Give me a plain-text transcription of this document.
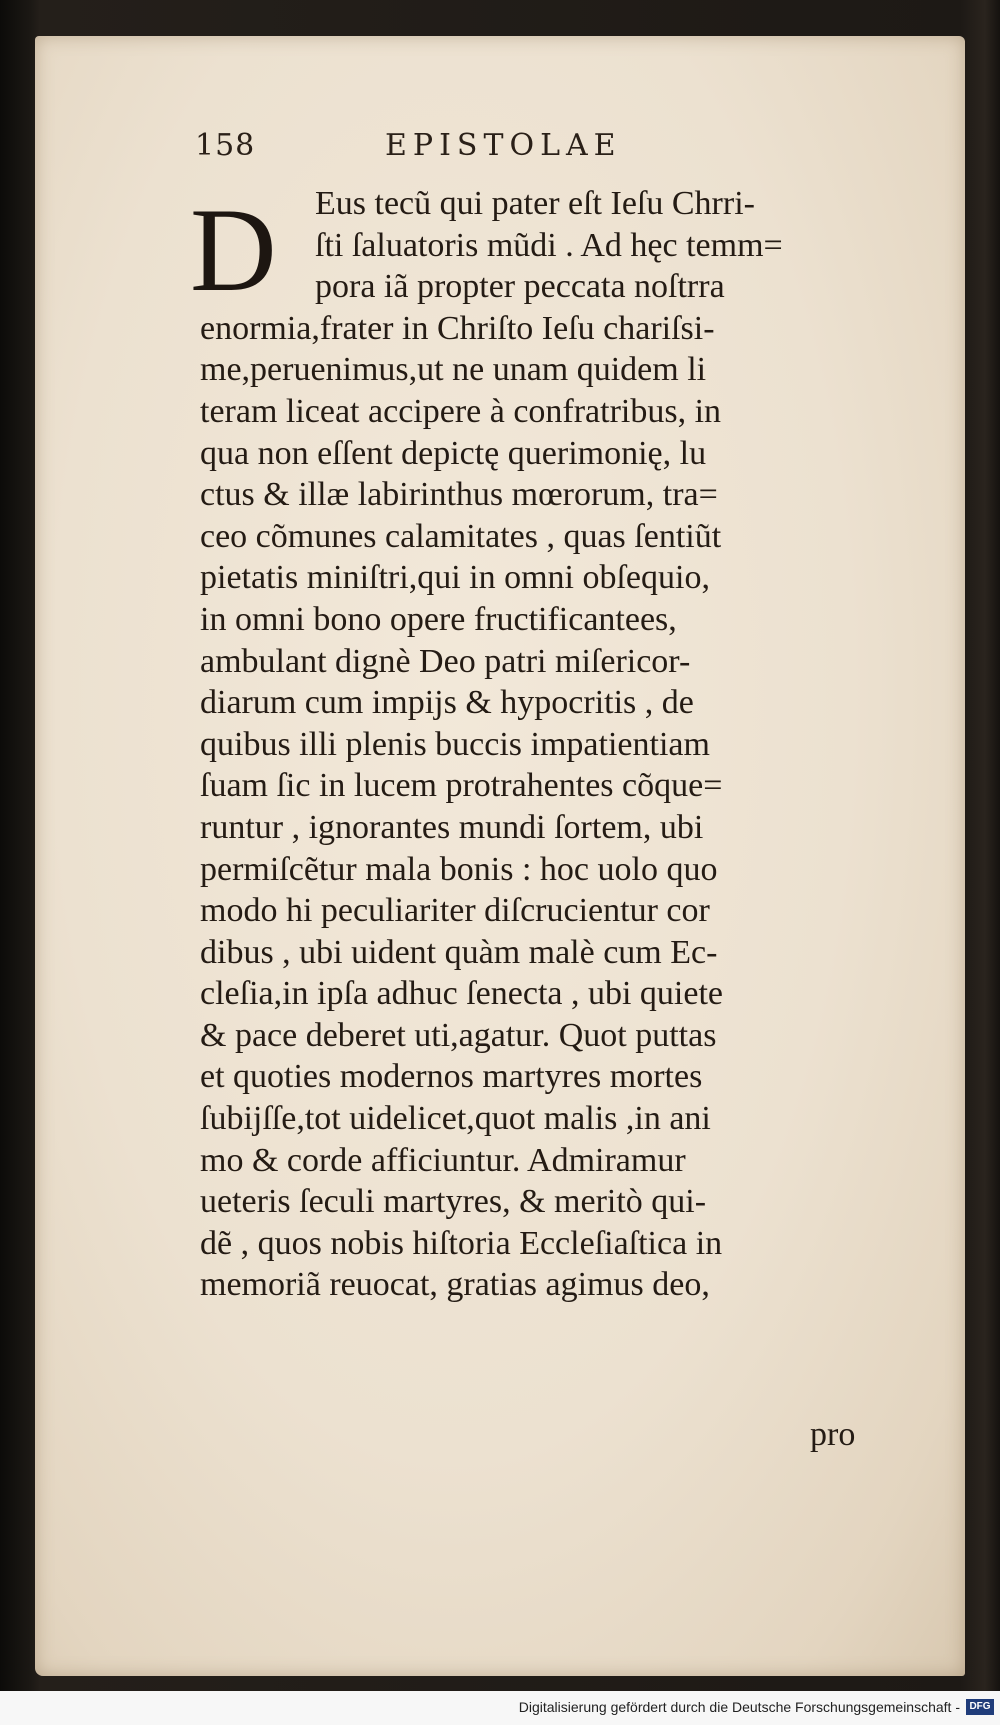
158	EPISTOLAE
D	Eus tecũ qui pater eſt Ieſu Chrri-
ſti ſaluatoris mũdi . Ad hęc temm=
pora iã propter peccata noſtrra
enormia,frater in Chriſto Ieſu chariſsi-
me,peruenimus,ut ne unam quidem li
teram liceat accipere à confratribus, in
qua non eſſent depictę querimonię, lu
ctus & illæ labirinthus mœrorum, tra=
ceo cõmunes calamitates , quas ſentiũt
pietatis miniſtri,qui in omni obſequio,
in omni bono opere fructificantees,
ambulant dignè Deo patri miſericor-
diarum cum impijs & hypocritis , de
quibus illi plenis buccis impatientiam
ſuam ſic in lucem protrahentes cõque=
runtur , ignorantes mundi ſortem, ubi
permiſcẽtur mala bonis : hoc uolo quo
modo hi peculiariter diſcrucientur cor
dibus , ubi uident quàm malè cum Ec-
cleſia,in ipſa adhuc ſenecta , ubi quiete
& pace deberet uti,agatur. Quot puttas
et quoties modernos martyres mortes
ſubijſſe,tot uidelicet,quot malis ,in ani
mo & corde afficiuntur. Admiramur
ueteris ſeculi martyres, & meritò qui-
dẽ , quos nobis hiſtoria Eccleſiaſtica in
memoriã reuocat, gratias agimus deo,
pro
Digitalisierung gefördert durch die Deutsche Forschungsgemeinschaft - DFG
